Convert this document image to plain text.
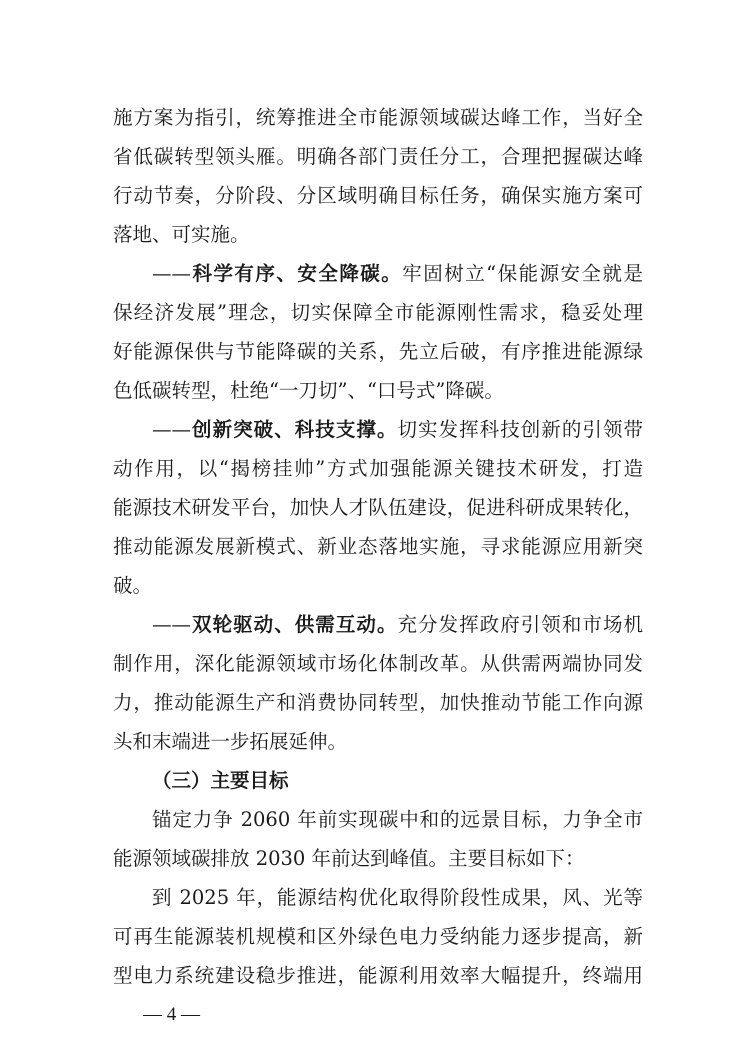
施方案为指引，统筹推进全市能源领域碳达峰工作，当好全
省低碳转型领头雁。明确各部门责任分工，合理把握碳达峰
行动节奏，分阶段、分区域明确目标任务，确保实施方案可
落地、可实施。
——科学有序、安全降碳。牢固树立“保能源安全就是
保经济发展”理念，切实保障全市能源刚性需求，稳妥处理
好能源保供与节能降碳的关系，先立后破，有序推进能源绿
色低碳转型，杜绝“一刀切”、“口号式”降碳。
——创新突破、科技支撑。切实发挥科技创新的引领带
动作用，以“揭榜挂帅”方式加强能源关键技术研发，打造
能源技术研发平台，加快人才队伍建设，促进科研成果转化，
推动能源发展新模式、新业态落地实施，寻求能源应用新突
破。
——双轮驱动、供需互动。充分发挥政府引领和市场机
制作用，深化能源领域市场化体制改革。从供需两端协同发
力，推动能源生产和消费协同转型，加快推动节能工作向源
头和末端进一步拓展延伸。
（三）主要目标
锚定力争 2060 年前实现碳中和的远景目标，力争全市
能源领域碳排放 2030 年前达到峰值。主要目标如下：
到 2025 年，能源结构优化取得阶段性成果，风、光等
可再生能源装机规模和区外绿色电力受纳能力逐步提高，新
型电力系统建设稳步推进，能源利用效率大幅提升，终端用
— 4 —
